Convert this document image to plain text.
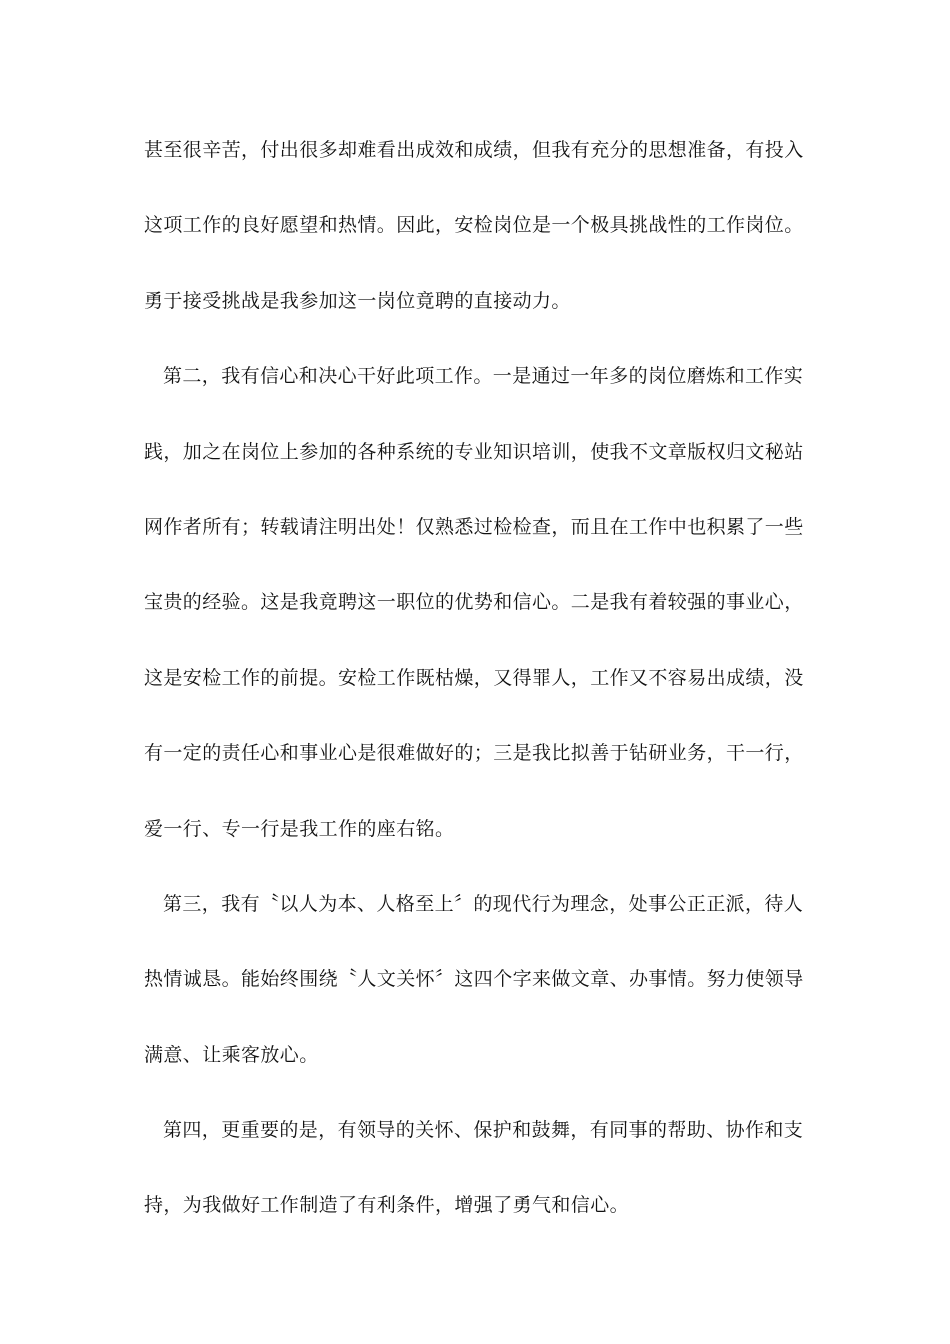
甚至很辛苦，付出很多却难看出成效和成绩，但我有充分的思想准备，有投入
这项工作的良好愿望和热情。因此，安检岗位是一个极具挑战性的工作岗位。
勇于接受挑战是我参加这一岗位竟聘的直接动力。
第二，我有信心和决心干好此项工作。一是通过一年多的岗位磨炼和工作实
践，加之在岗位上参加的各种系统的专业知识培训，使我不文章版权归文秘站
网作者所有；转载请注明出处！仅熟悉过检检查，而且在工作中也积累了一些
宝贵的经验。这是我竟聘这一职位的优势和信心。二是我有着较强的事业心，
这是安检工作的前提。安检工作既枯燥，又得罪人，工作又不容易出成绩，没
有一定的责任心和事业心是很难做好的；三是我比拟善于钻研业务，干一行，
爱一行、专一行是我工作的座右铭。
第三，我有〝以人为本、人格至上〞的现代行为理念，处事公正正派，待人
热情诚恳。能始终围绕〝人文关怀〞这四个字来做文章、办事情。努力使领导
满意、让乘客放心。
第四，更重要的是，有领导的关怀、保护和鼓舞，有同事的帮助、协作和支
持，为我做好工作制造了有利条件，增强了勇气和信心。
